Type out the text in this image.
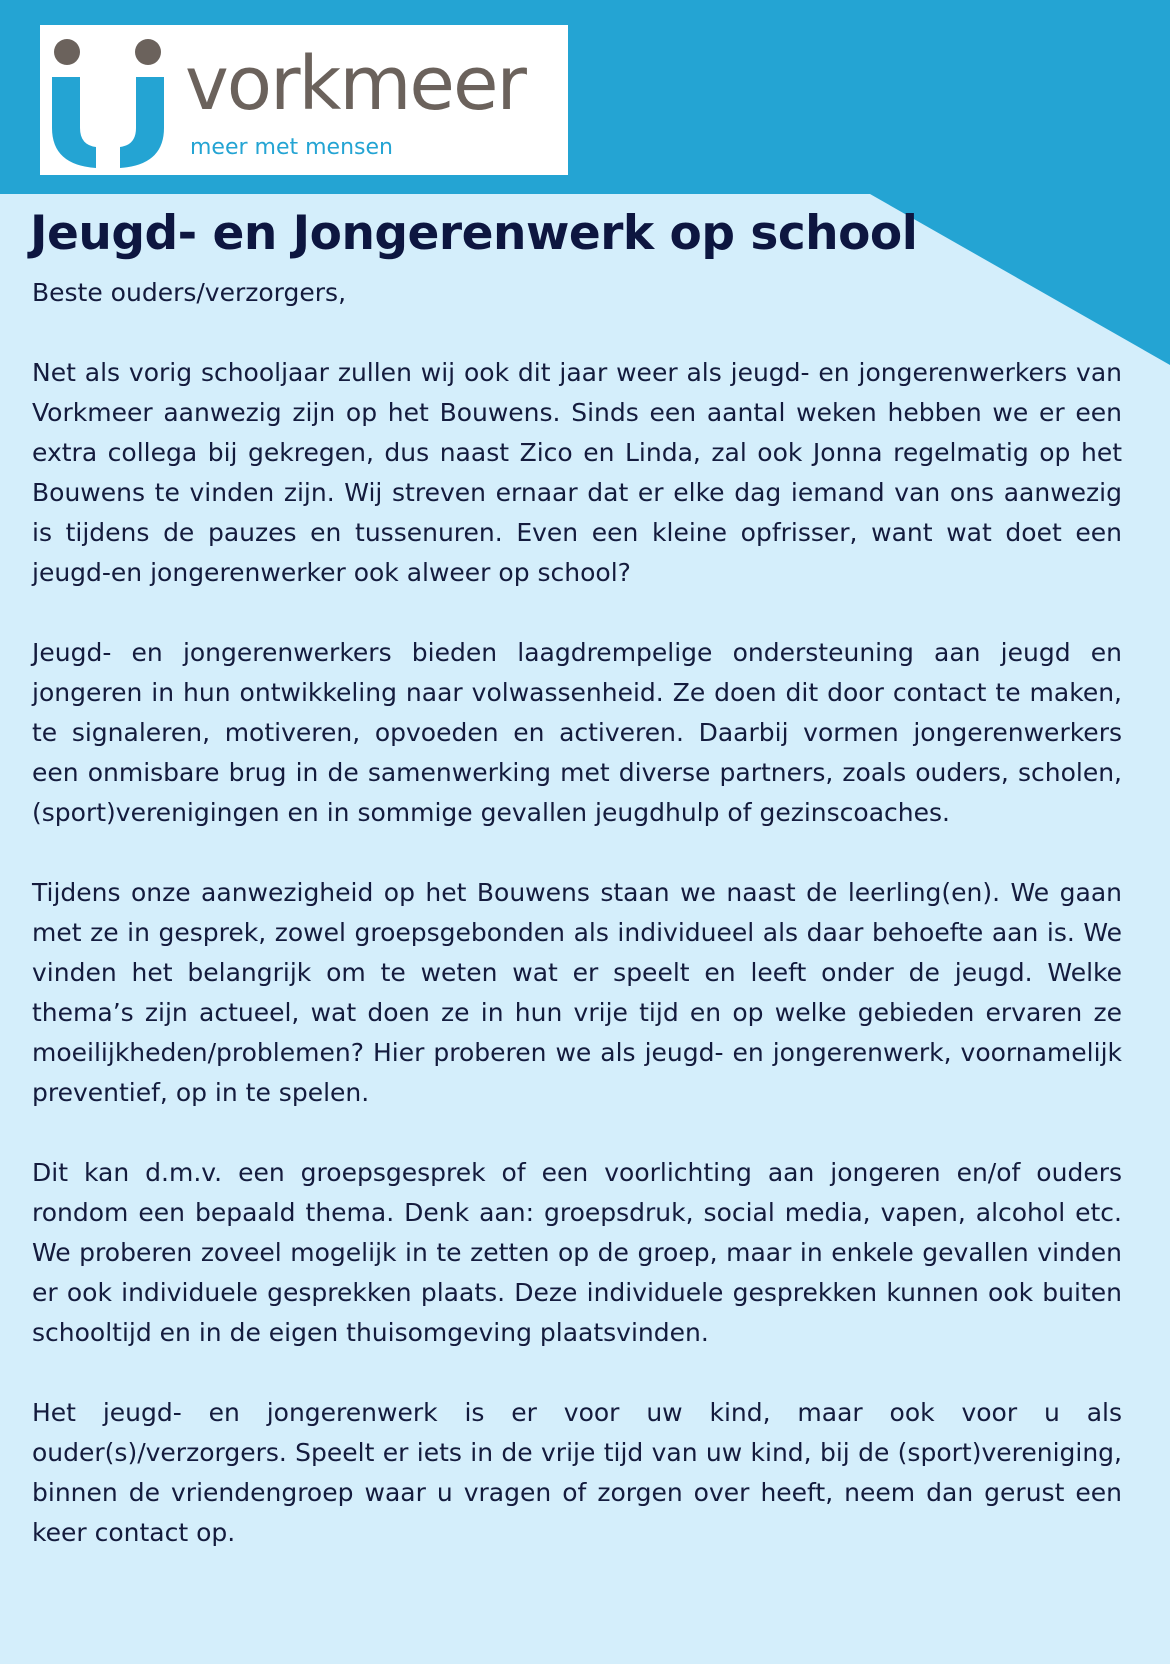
vorkmeer
meer met mensen
Jeugd- en Jongerenwerk op school

Beste ouders/verzorgers,

Net als vorig schooljaar zullen wij ook dit jaar weer als jeugd- en jongerenwerkers van Vorkmeer aanwezig zijn op het Bouwens. Sinds een aantal weken hebben we er een extra collega bij gekregen, dus naast Zico en Linda, zal ook Jonna regelmatig op het Bouwens te vinden zijn. Wij streven ernaar dat er elke dag iemand van ons aanwezig is tijdens de pauzes en tussenuren. Even een kleine opfrisser, want wat doet een jeugd-en jongerenwerker ook alweer op school?

Jeugd- en jongerenwerkers bieden laagdrempelige ondersteuning aan jeugd en jongeren in hun ontwikkeling naar volwassenheid. Ze doen dit door contact te maken, te signaleren, motiveren, opvoeden en activeren. Daarbij vormen jongerenwerkers een onmisbare brug in de samenwerking met diverse partners, zoals ouders, scholen, (sport)verenigingen en in sommige gevallen jeugdhulp of gezinscoaches.

Tijdens onze aanwezigheid op het Bouwens staan we naast de leerling(en). We gaan met ze in gesprek, zowel groepsgebonden als individueel als daar behoefte aan is. We vinden het belangrijk om te weten wat er speelt en leeft onder de jeugd. Welke thema’s zijn actueel, wat doen ze in hun vrije tijd en op welke gebieden ervaren ze moeilijkheden/problemen? Hier proberen we als jeugd- en jongerenwerk, voornamelijk preventief, op in te spelen.

Dit kan d.m.v. een groepsgesprek of een voorlichting aan jongeren en/of ouders rondom een bepaald thema. Denk aan: groepsdruk, social media, vapen, alcohol etc. We proberen zoveel mogelijk in te zetten op de groep, maar in enkele gevallen vinden er ook individuele gesprekken plaats. Deze individuele gesprekken kunnen ook buiten schooltijd en in de eigen thuisomgeving plaatsvinden.

Het jeugd- en jongerenwerk is er voor uw kind, maar ook voor u als ouder(s)/verzorgers. Speelt er iets in de vrije tijd van uw kind, bij de (sport)vereniging, binnen de vriendengroep waar u vragen of zorgen over heeft, neem dan gerust een keer contact op.
